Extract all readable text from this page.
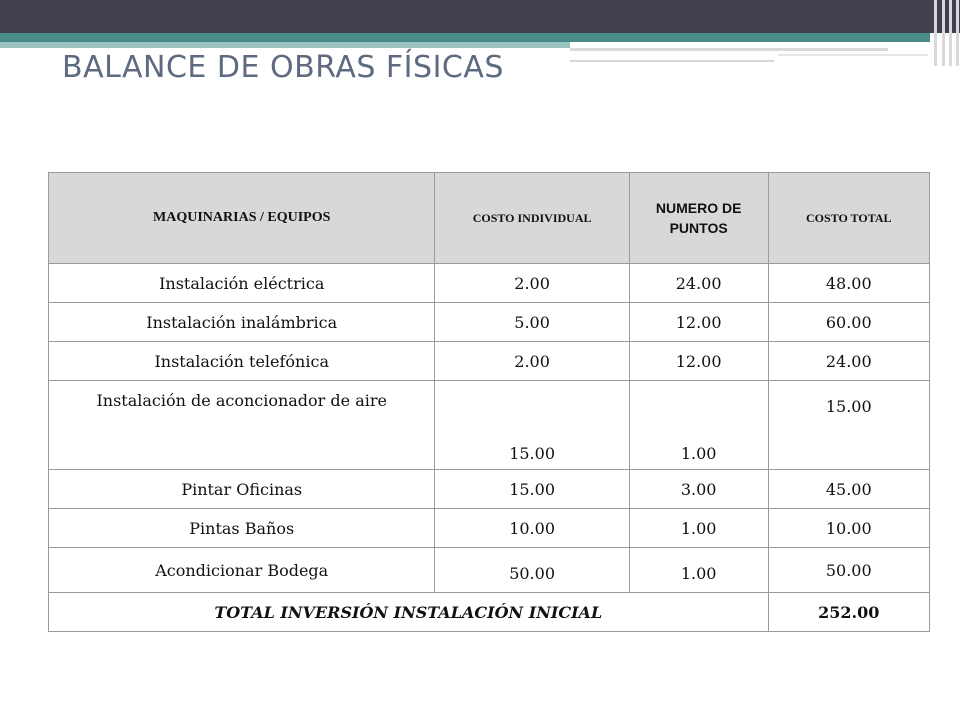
BALANCE DE OBRAS FÍSICAS
MAQUINARIAS / EQUIPOS	COSTO INDIVIDUAL	NUMERO DE PUNTOS	COSTO TOTAL
Instalación eléctrica	2.00	24.00	48.00
Instalación inalámbrica	5.00	12.00	60.00
Instalación telefónica	2.00	12.00	24.00
Instalación de aconcionador de aire	15.00	1.00	15.00
Pintar Oficinas	15.00	3.00	45.00
Pintas Baños	10.00	1.00	10.00
Acondicionar Bodega	50.00	1.00	50.00
TOTAL INVERSIÓN INSTALACIÓN INICIAL			252.00
